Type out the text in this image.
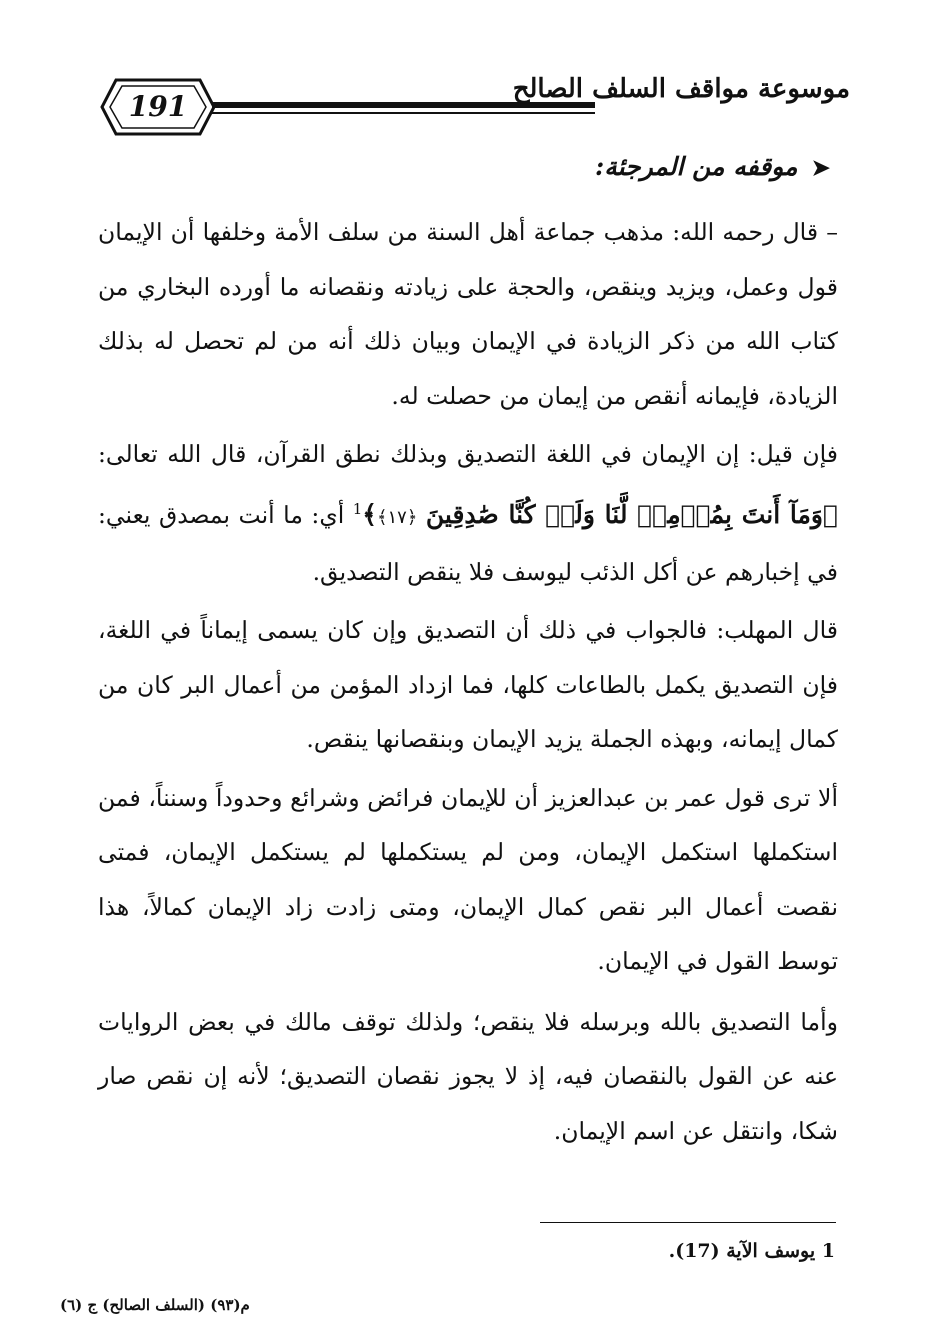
191
موسوعة مواقف السلف الصالح
➤موقفه من المرجئة:

– قال رحمه الله: مذهب جماعة أهل السنة من سلف الأمة وخلفها أن الإيمان قول وعمل، ويزيد وينقص، والحجة على زيادته ونقصانه ما أورده البخاري من كتاب الله من ذكر الزيادة في الإيمان وبيان ذلك أنه من لم تحصل له بذلك الزيادة، فإيمانه أنقص من إيمان من حصلت له.

فإن قيل: إن الإيمان في اللغة التصديق وبذلك نطق القرآن، قال الله تعالى: ﴿وَمَآ أَنتَ بِمُؤۡمِنٖ لَّنَا وَلَوۡ كُنَّا صَٰدِقِينَ ﴿١٧﴾﴾$^1$ أي: ما أنت بمصدق يعني: في إخبارهم عن أكل الذئب ليوسف فلا ينقص التصديق.

قال المهلب: فالجواب في ذلك أن التصديق وإن كان يسمى إيماناً في اللغة، فإن التصديق يكمل بالطاعات كلها، فما ازداد المؤمن من أعمال البر كان من كمال إيمانه، وبهذه الجملة يزيد الإيمان وبنقصانها ينقص.

ألا ترى قول عمر بن عبدالعزيز أن للإيمان فرائض وشرائع وحدوداً وسنناً، فمن استكملها استكمل الإيمان، ومن لم يستكملها لم يستكمل الإيمان، فمتى نقصت أعمال البر نقص كمال الإيمان، ومتى زادت زاد الإيمان كمالاً، هذا توسط القول في الإيمان.

وأما التصديق بالله وبرسله فلا ينقص؛ ولذلك توقف مالك في بعض الروايات عنه عن القول بالنقصان فيه، إذ لا يجوز نقصان التصديق؛ لأنه إن نقص صار شكا، وانتقل عن اسم الإيمان.

1 يوسف الآية (17).
م(٩٣) (السلف الصالح) ج (٦)
